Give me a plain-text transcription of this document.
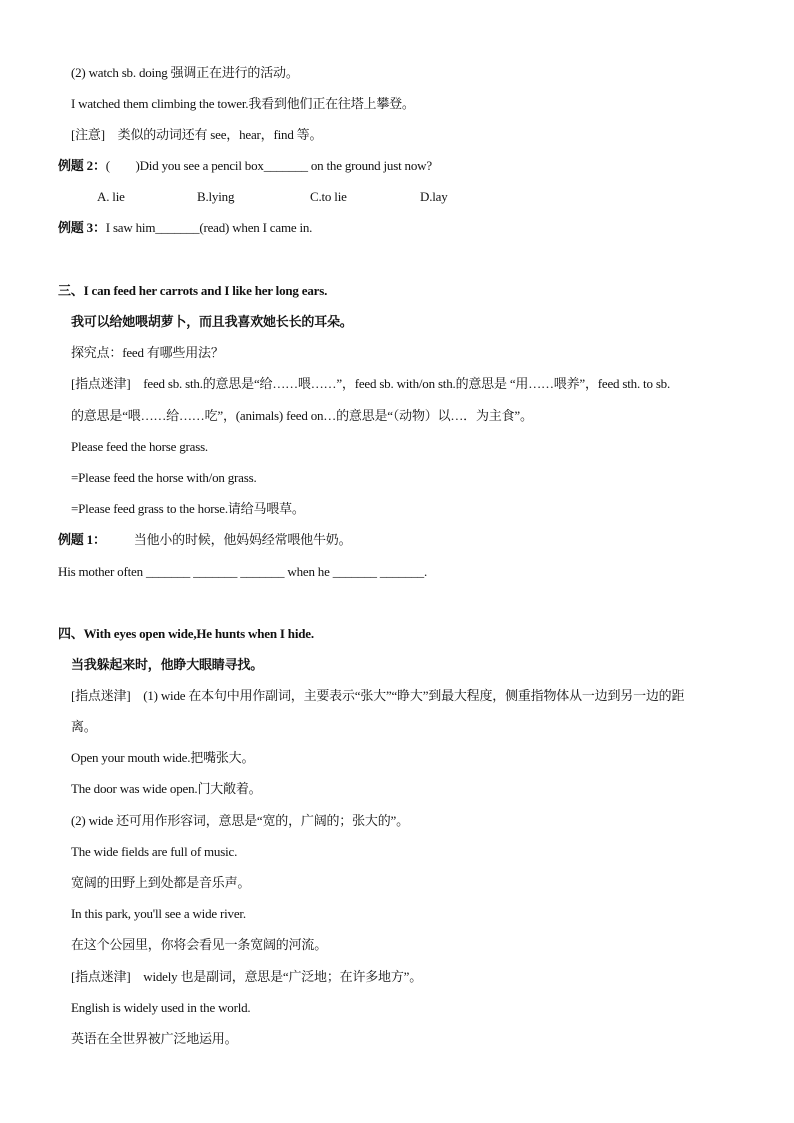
(2) watch sb. doing 强调正在进行的活动。
I watched them climbing the tower.我看到他们正在往塔上攀登。
[注意]　类似的动词还有 see，hear，find 等。
例题 2：(　　)Did you see a pencil box_______ on the ground just now?
A. lie	B.lying	C.to lie	D.lay
例题 3：I saw him_______(read) when I came in.
三、I can feed her carrots and I like her long ears.
我可以给她喂胡萝卜，而且我喜欢她长长的耳朵。
探究点：feed 有哪些用法？
[指点迷津]　feed sb. sth.的意思是“给……喂……”，feed sb. with/on sth.的意思是 “用……喂养”，feed sth. to sb.
的意思是“喂……给……吃”，(animals) feed on…的意思是“（动物）以…．为主食”。
Please feed the horse grass.
=Please feed the horse with/on grass.
=Please feed grass to the horse.请给马喂草。
例题 1： 当他小的时候，他妈妈经常喂他牛奶。
His mother often _______ _______ _______ when he _______ _______.
四、With eyes open wide,He hunts when I hide.
当我躲起来时，他睁大眼睛寻找。
[指点迷津]　(1) wide 在本句中用作副词，主要表示“张大”“睁大”到最大程度，侧重指物体从一边到另一边的距
离。
Open your mouth wide.把嘴张大。
The door was wide open.门大敞着。
(2) wide 还可用作形容词，意思是“宽的，广阔的；张大的”。
The wide fields are full of music.
宽阔的田野上到处都是音乐声。
In this park, you'll see a wide river.
在这个公园里，你将会看见一条宽阔的河流。
[指点迷津]　widely 也是副词，意思是“广泛地；在许多地方”。
English is widely used in the world.
英语在全世界被广泛地运用。
